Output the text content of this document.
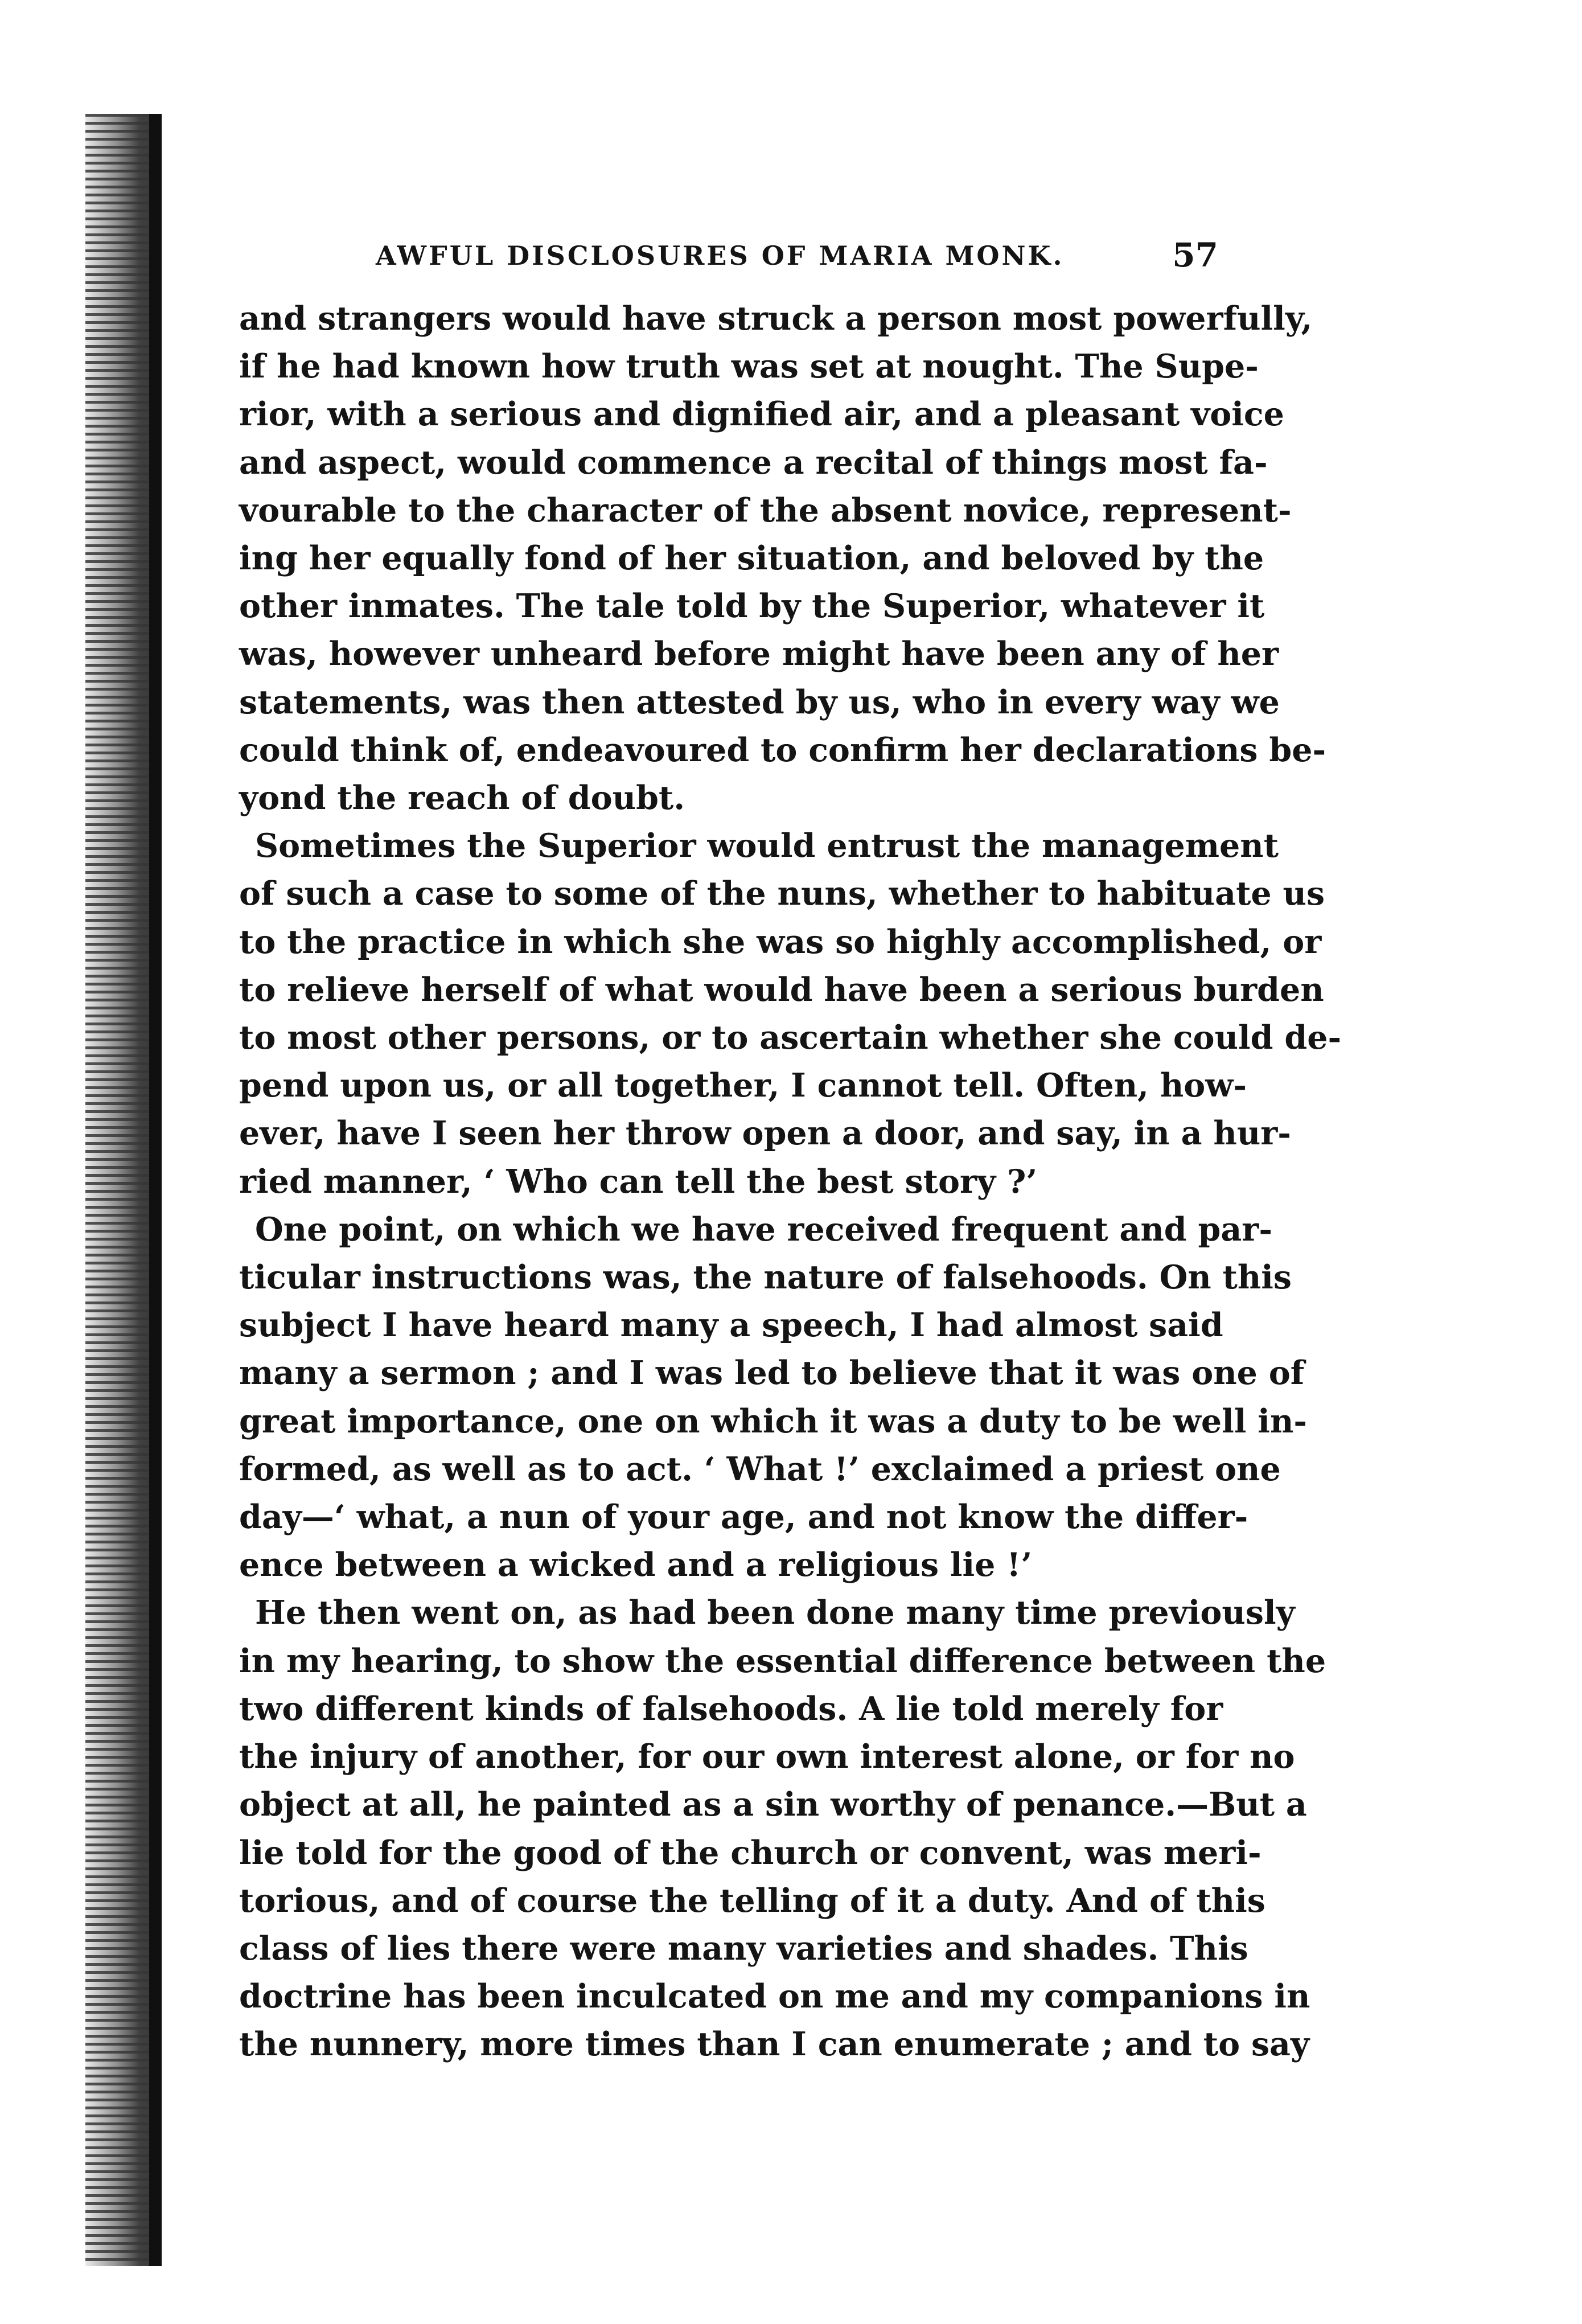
AWFUL DISCLOSURES OF MARIA MONK.	57

and strangers would have struck a person most powerfully,
if he had known how truth was set at nought. The Supe-
rior, with a serious and dignified air, and a pleasant voice
and aspect, would commence a recital of things most fa-
vourable to the character of the absent novice, represent-
ing her equally fond of her situation, and beloved by the
other inmates. The tale told by the Superior, whatever it
was, however unheard before might have been any of her
statements, was then attested by us, who in every way we
could think of, endeavoured to confirm her declarations be-
yond the reach of doubt.

Sometimes the Superior would entrust the management
of such a case to some of the nuns, whether to habituate us
to the practice in which she was so highly accomplished, or
to relieve herself of what would have been a serious burden
to most other persons, or to ascertain whether she could de-
pend upon us, or all together, I cannot tell. Often, how-
ever, have I seen her throw open a door, and say, in a hur-
ried manner, ‘ Who can tell the best story ?’

One point, on which we have received frequent and par-
ticular instructions was, the nature of falsehoods. On this
subject I have heard many a speech, I had almost said
many a sermon ; and I was led to believe that it was one of
great importance, one on which it was a duty to be well in-
formed, as well as to act. ‘ What !’ exclaimed a priest one
day—‘ what, a nun of your age, and not know the differ-
ence between a wicked and a religious lie !’

He then went on, as had been done many time previously
in my hearing, to show the essential difference between the
two different kinds of falsehoods. A lie told merely for
the injury of another, for our own interest alone, or for no
object at all, he painted as a sin worthy of penance.—But a
lie told for the good of the church or convent, was meri-
torious, and of course the telling of it a duty. And of this
class of lies there were many varieties and shades. This
doctrine has been inculcated on me and my companions in
the nunnery, more times than I can enumerate ; and to say
